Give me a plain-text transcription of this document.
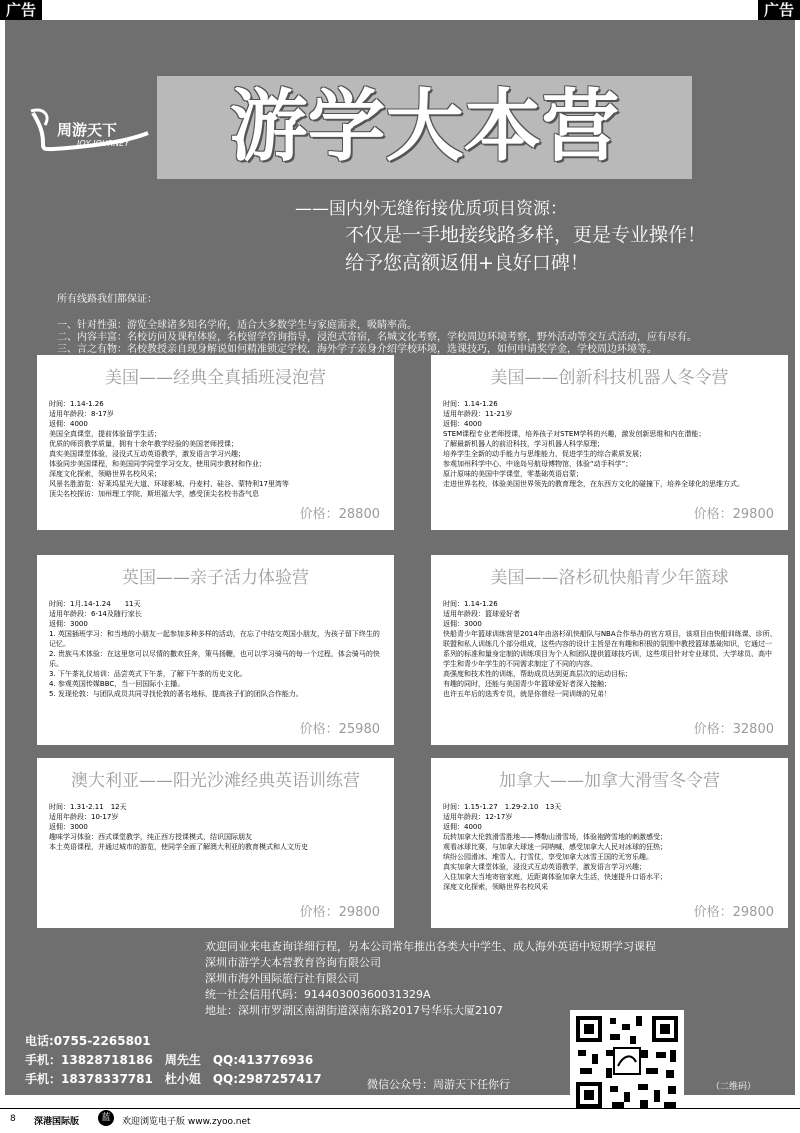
广告	广告
周游天下
JOY JOURNEY	游学大本营
——国内外无缝衔接优质项目资源：
不仅是一手地接线路多样，更是专业操作！
给予您高额返佣+良好口碑！
所有线路我们都保证：
一、针对性强：游览全球诸多知名学府，适合大多数学生与家庭需求，吸睛率高。
二、内容丰富：名校访问及课程体验，名校留学咨询指导，浸泡式寄宿，名城文化考察，学校周边环境考察，野外活动等交互式活动，应有尽有。
三、言之有物：名校教授亲自现身解说如何精准锁定学校，海外学子亲身介绍学校环境，选课技巧，如何申请奖学金，学校周边环境等。
美国——经典全真插班浸泡营
时间：1.14-1.26
适用年龄段：8-17岁
返佣：4000
美国全真课堂，提前体验留学生活；
优质的师资教学质量，拥有十余年教学经验的美国老师授课；
真实美国课堂体验，浸没式互动英语教学，激发语言学习兴趣；
体验同步美国课程，和美国同学同堂学习交友、使用同步教材和作业；
深度文化探索，领略世界名校风采；
风景名胜游览：好莱坞星光大道、环球影城、丹麦村、硅谷、蒙特利17里湾等
顶尖名校探访：加州理工学院、斯坦福大学，感受顶尖名校书香气息
价格：28800
美国——创新科技机器人冬令营
时间：1.14-1.26
适用年龄段：11-21岁
返佣：4000
STEM课程专业老师授课，培养孩子对STEM学科的兴趣，激发创新思维和内在潜能；
了解最新机器人的前沿科技，学习机器人科学原理；
培养学生全新的动手能力与思维能力，促进学生的综合素质发展；
参观加州科学中心、中途岛号航母博物馆，体验“动手科学”；
原汁原味的美国中学课堂，零基础英语启蒙；
走进世界名校，体验美国世界领先的教育理念，在东西方文化的碰撞下，培养全球化的思维方式。
价格：29800
英国——亲子活力体验营
时间：1月.14-1.24　　11天
适用年龄段：6-14及随行家长
返佣：3000
1. 英国插班学习：和当地的小朋友一起参加多种多样的活动，在忘了中结交英国小朋友，为孩子留下终生的记忆。
2. 贵族马术体验：在这里您可以尽情的撒欢狂奔，策马扬鞭，也可以学习骑马的每一个过程，体会骑马的快乐。
3. 下午茶礼仪培训：品尝英式下午茶，了解下午茶的历史文化。
4. 参观英国传媒BBC，当一回国际小主播。
5. 发现伦敦：与团队成员共同寻找伦敦的著名地标，提高孩子们的团队合作能力。
价格：25980
美国——洛杉矶快船青少年篮球
时间：1.14-1.26
适用年龄段：篮球爱好者
返佣：3000
快船青少年篮球训练营是2014年由洛杉矶快船队与NBA合作举办的官方项目，该项目由快船训练课、诊所、联盟和私人训练几个部分组成，这些内容的设计主旨是在有趣和积极的氛围中教授篮球基础知识，它通过一系列的标准和量身定制的训练项目为个人和团队提供篮球技巧训，这些项目针对专业球员、大学球员、高中学生和青少年学生的不同需求制定了不同的内容。
高强度和技术性的训练，帮助成员达到更高层次的运动目标；
有趣的同时，还能与美国青少年篮球爱好者深入接触；
也许五年后的选秀专员，就是你曾经一同训练的兄弟！
价格：32800
澳大利亚——阳光沙滩经典英语训练营
时间：1.31-2.11　12天
适用年龄段：10-17岁
返佣：3000
趣味学习体验：西式课堂教学，纯正西方授课模式，结识国际朋友
本土英语课程，并通过城市的游览，使同学全面了解澳大利亚的教育模式和人文历史
价格：29800
加拿大——加拿大滑雪冬令营
时间：1.15-1.27　1.29-2.10　13天
适用年龄段：12-17岁
返佣：4000
玩转加拿大伦敦滑雪胜地——博勒山滑雪场，体验袍跨雪地的刺激感受；
观看冰球比赛，与加拿大球迷一同呐喊，感受加拿大人民对冰球的狂热；
缤纷公园滑冰、堆雪人、打雪仗，享受加拿大冰雪王国的无穷乐趣。
真实加拿大课堂体验，浸没式互动英语教学，激发语言学习兴趣；
入住加拿大当地寄宿家庭，近距离体验加拿大生活，快速提升口语水平；
深度文化探索，领略世界名校风采
价格：29800
欢迎同业来电查询详细行程，另本公司常年推出各类大中学生、成人海外英语中短期学习课程
深圳市游学大本营教育咨询有限公司
深圳市海外国际旅行社有限公司
统一社会信用代码：91440300360031329A
地址：深圳市罗湖区南湖街道深南东路2017号华乐大厦2107
电话:0755-2265801
手机：13828718186　周先生　QQ:413776936
手机：18378337781　杜小姐　QQ:2987257417	微信公众号：周游天下任你行	（二维码）
8 深港国际版	蓝	欢迎浏览电子版 www.zyoo.net
